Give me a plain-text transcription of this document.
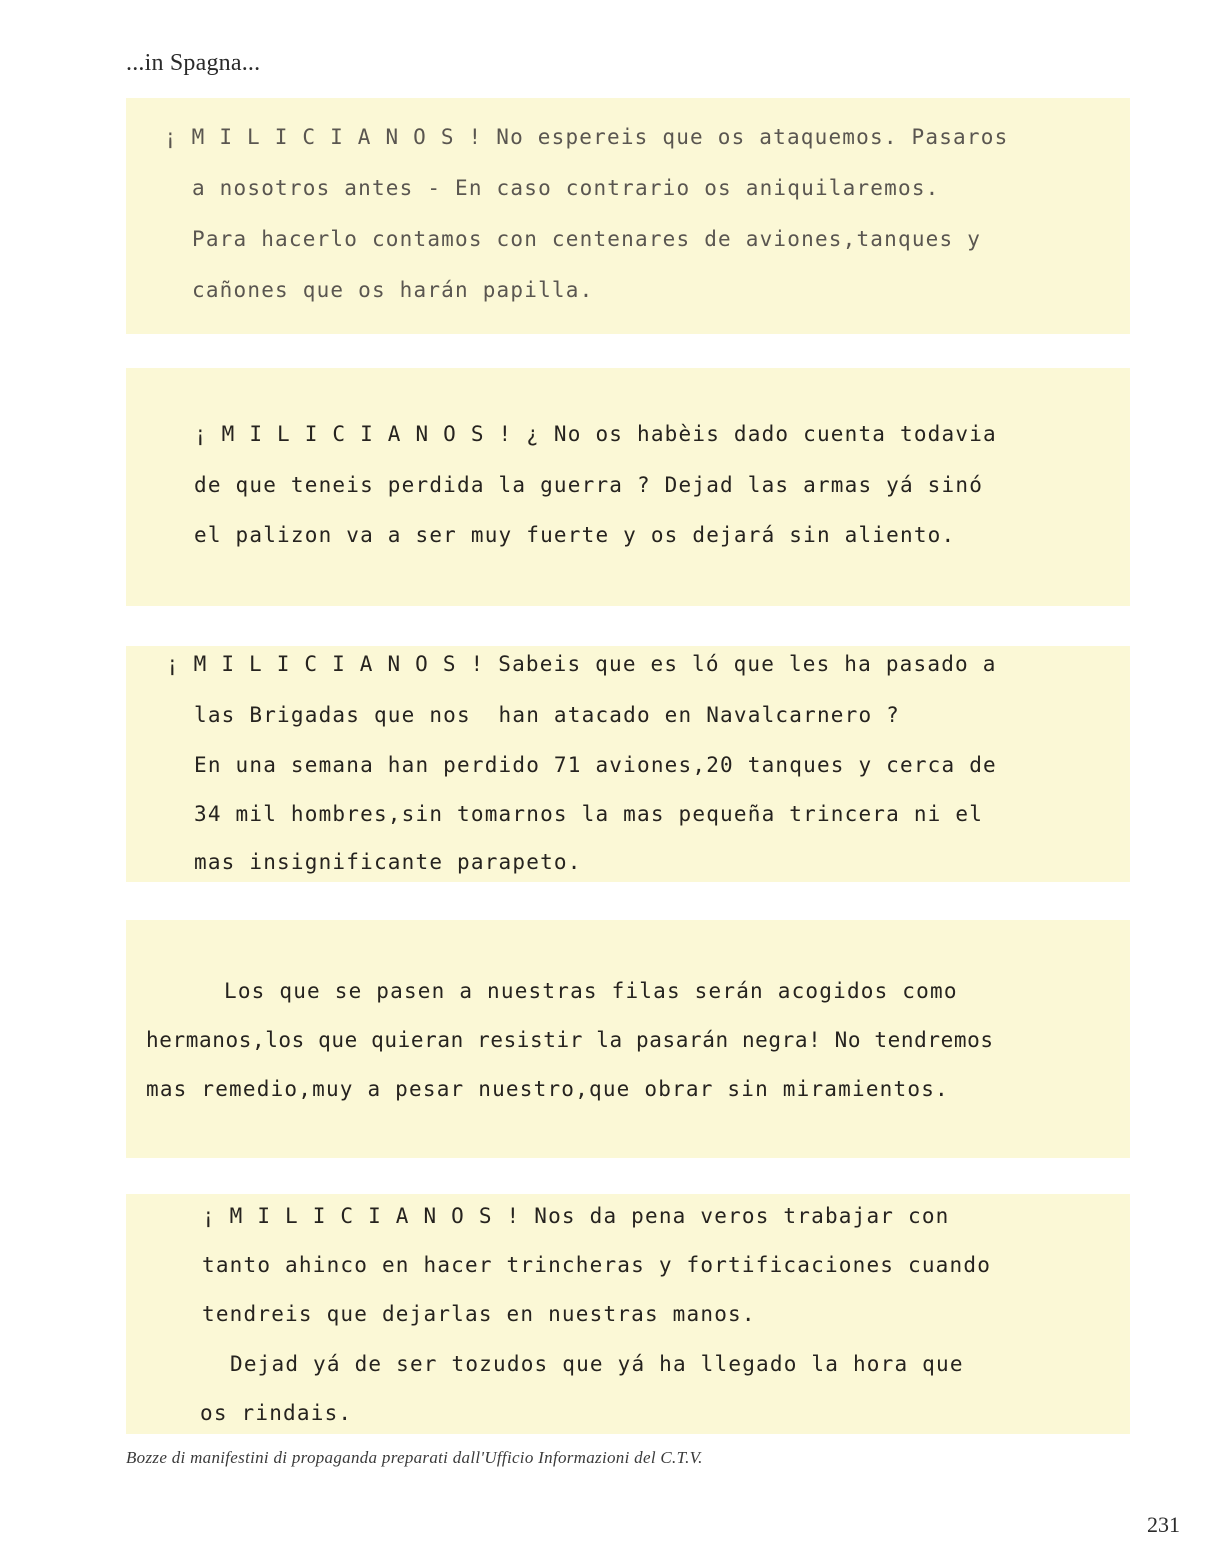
...in Spagna...
¡ M I L I C I A N O S ! No espereis que os ataquemos. Pasaros
a nosotros antes - En caso contrario os aniquilaremos.
Para hacerlo contamos con centenares de aviones,tanques y
cañones que os harán papilla.
¡ M I L I C I A N O S ! ¿ No os habèis dado cuenta todavia
de que teneis perdida la guerra ? Dejad las armas yá sinó
el palizon va a ser muy fuerte y os dejará sin aliento.
¡ M I L I C I A N O S ! Sabeis que es ló que les ha pasado a
las Brigadas que nos  han atacado en Navalcarnero ?
En una semana han perdido 71 aviones,20 tanques y cerca de
34 mil hombres,sin tomarnos la mas pequeña trincera ni el
mas insignificante parapeto.
Los que se pasen a nuestras filas serán acogidos como
hermanos,los que quieran resistir la pasarán negra! No tendremos
mas remedio,muy a pesar nuestro,que obrar sin miramientos.
¡ M I L I C I A N O S ! Nos da pena veros trabajar con
tanto ahinco en hacer trincheras y fortificaciones cuando
tendreis que dejarlas en nuestras manos.
Dejad yá de ser tozudos que yá ha llegado la hora que
os rindais.
Bozze di manifestini di propaganda preparati dall'Ufficio Informazioni del C.T.V.
231
